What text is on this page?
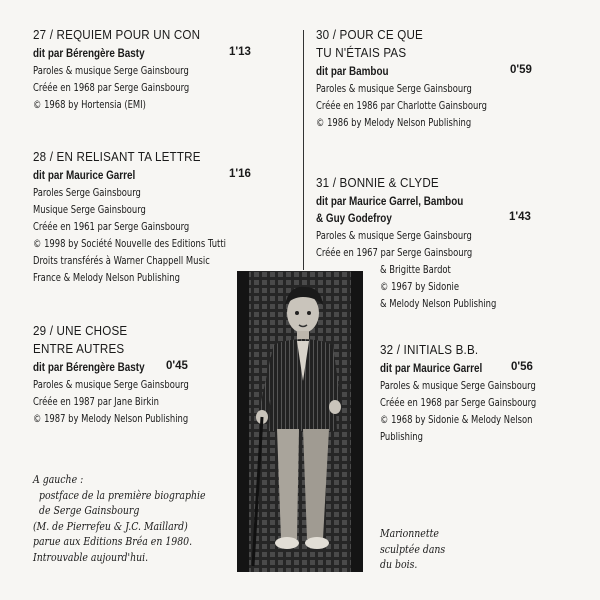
27 / REQUIEM POUR UN CON
dit par Bérengère Basty	1'13
Paroles & musique Serge Gainsbourg
Créée en 1968 par Serge Gainsbourg
© 1968 by Hortensia (EMI)
28 / EN RELISANT TA LETTRE
dit par Maurice Garrel	1'16
Paroles Serge Gainsbourg
Musique Serge Gainsbourg
Créée en 1961 par Serge Gainsbourg
© 1998 by Société Nouvelle des Editions Tutti
Droits transférés à Warner Chappell Music
France & Melody Nelson Publishing
29 / UNE CHOSE
ENTRE AUTRES
dit par Bérengère Basty	0'45
Paroles & musique Serge Gainsbourg
Créée en 1987 par Jane Birkin
© 1987 by Melody Nelson Publishing
30 / POUR CE QUE
TU N'ÉTAIS PAS
dit par Bambou	0'59
Paroles & musique Serge Gainsbourg
Créée en 1986 par Charlotte Gainsbourg
© 1986 by Melody Nelson Publishing
31 / BONNIE & CLYDE
dit par Maurice Garrel, Bambou
& Guy Godefroy	1'43
Paroles & musique Serge Gainsbourg
Créée en 1967 par Serge Gainsbourg
& Brigitte Bardot
© 1967 by Sidonie
& Melody Nelson Publishing
32 / INITIALS B.B.
dit par Maurice Garrel	0'56
Paroles & musique Serge Gainsbourg
Créée en 1968 par Serge Gainsbourg
© 1968 by Sidonie & Melody Nelson
Publishing
A gauche :
postface de la première biographie
de Serge Gainsbourg
(M. de Pierrefeu & J.C. Maillard)
parue aux Editions Bréa en 1980.
Introuvable aujourd'hui.
Marionnette
sculptée dans
du bois.
